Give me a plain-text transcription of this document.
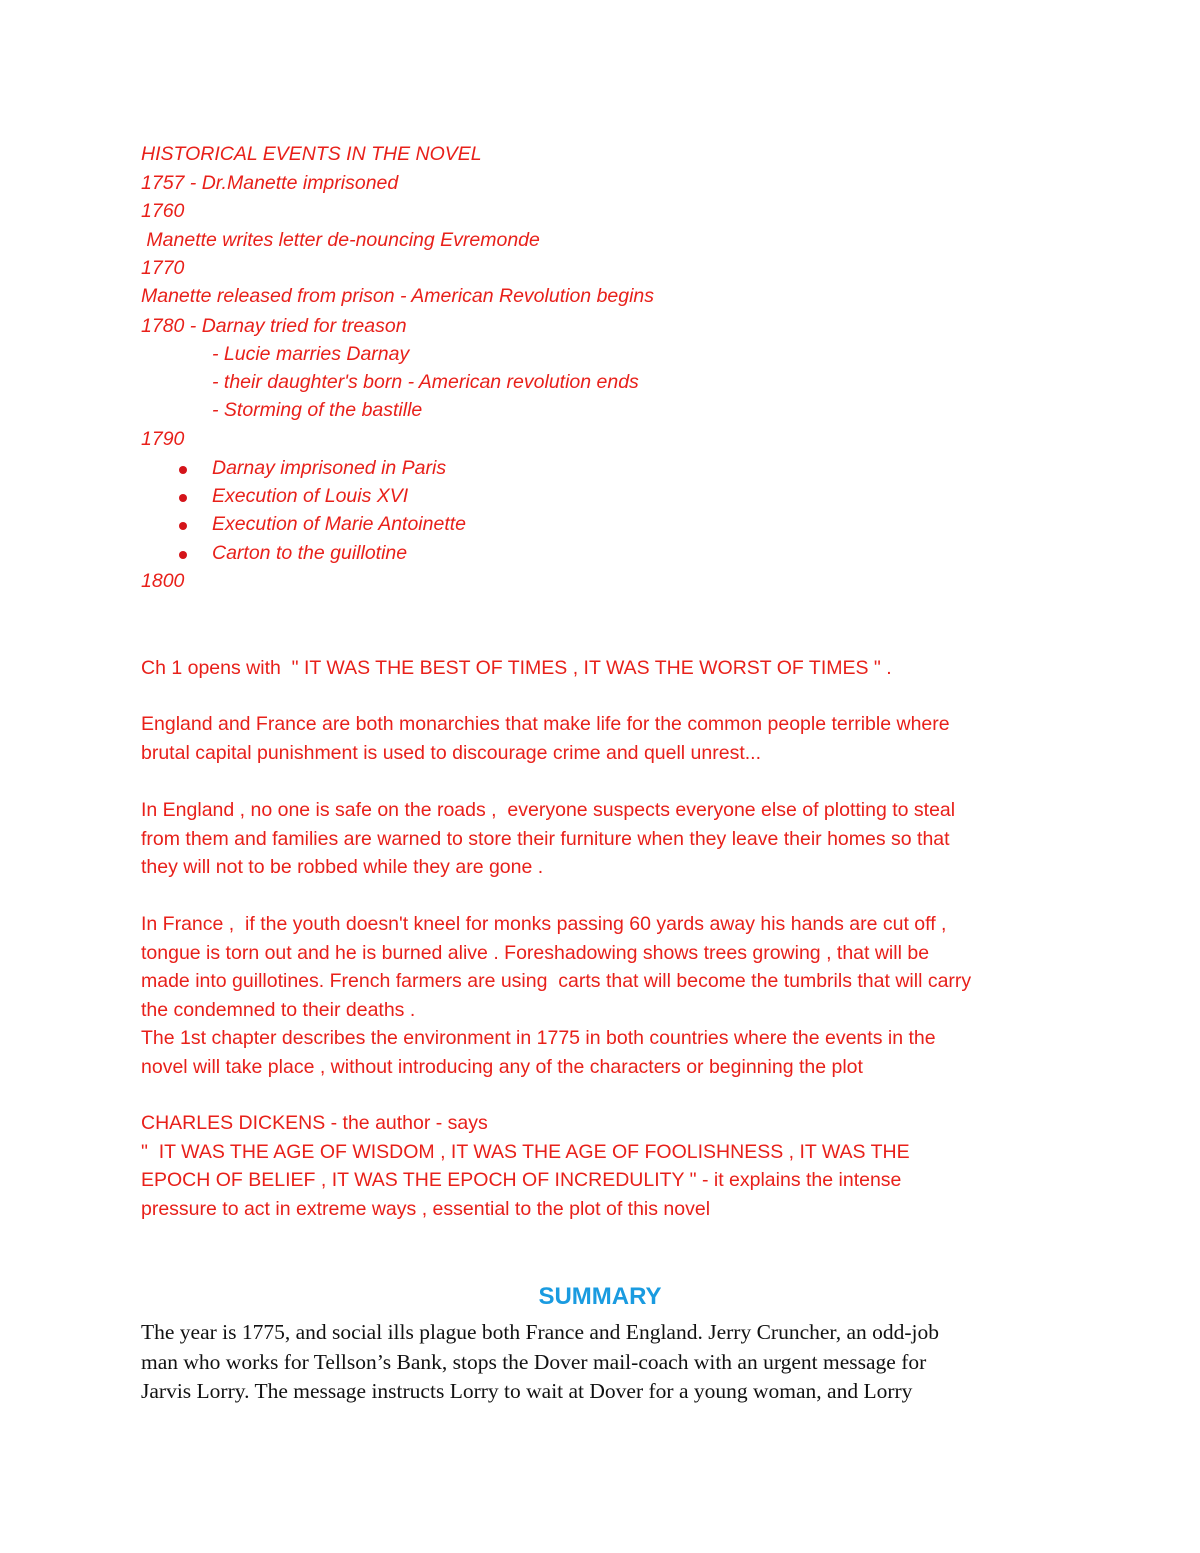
HISTORICAL EVENTS IN THE NOVEL
1757 - Dr.Manette imprisoned
1760
Manette writes letter de-nouncing Evremonde
1770
Manette released from prison - American Revolution begins
1780 - Darnay tried for treason
- Lucie marries Darnay
- their daughter's born - American revolution ends
- Storming of the bastille
1790
Darnay imprisoned in Paris
Execution of Louis XVI
Execution of Marie Antoinette
Carton to the guillotine
1800
Ch 1 opens with  " IT WAS THE BEST OF TIMES , IT WAS THE WORST OF TIMES " .
England and France are both monarchies that make life for the common people terrible where
brutal capital punishment is used to discourage crime and quell unrest...
In England , no one is safe on the roads ,  everyone suspects everyone else of plotting to steal
from them and families are warned to store their furniture when they leave their homes so that
they will not to be robbed while they are gone .
In France ,  if the youth doesn't kneel for monks passing 60 yards away his hands are cut off ,
tongue is torn out and he is burned alive . Foreshadowing shows trees growing , that will be
made into guillotines. French farmers are using  carts that will become the tumbrils that will carry
the condemned to their deaths .
The 1st chapter describes the environment in 1775 in both countries where the events in the
novel will take place , without introducing any of the characters or beginning the plot
CHARLES DICKENS - the author - says
"  IT WAS THE AGE OF WISDOM , IT WAS THE AGE OF FOOLISHNESS , IT WAS THE
EPOCH OF BELIEF , IT WAS THE EPOCH OF INCREDULITY " - it explains the intense
pressure to act in extreme ways , essential to the plot of this novel
SUMMARY
The year is 1775, and social ills plague both France and England. Jerry Cruncher, an odd-job
man who works for Tellson’s Bank, stops the Dover mail-coach with an urgent message for
Jarvis Lorry. The message instructs Lorry to wait at Dover for a young woman, and Lorry
